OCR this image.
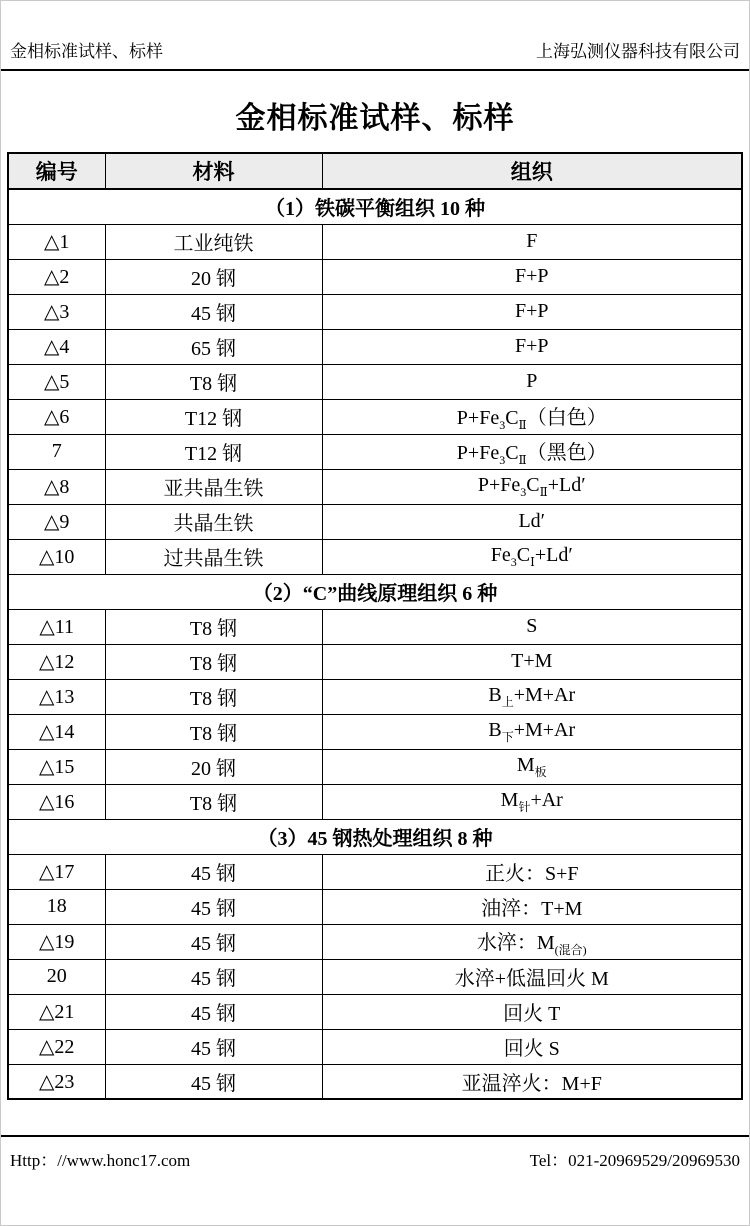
金相标准试样、标样	上海弘测仪器科技有限公司
金相标准试样、标样
编号	材料	组织
（1）铁碳平衡组织 10 种		
△1	工业纯铁	F
△2	20 钢	F+P
△3	45 钢	F+P
△4	65 钢	F+P
△5	T8 钢	P
△6	T12 钢	$P+Fe_3C_Ⅱ$（白色）
7	T12 钢	$P+Fe_3C_Ⅱ$（黑色）
△8	亚共晶生铁	$P+Fe_3C_Ⅱ+Ld'$
△9	共晶生铁	Ld′
△10	过共晶生铁	$Fe_3C_Ⅰ+Ld'$
（2）“C”曲线原理组织 6 种		
△11	T8 钢	S
△12	T8 钢	T+M
△13	T8 钢	$B_上+M+Ar$
△14	T8 钢	$B_下+M+Ar$
△15	20 钢	$M_板$
△16	T8 钢	$M_针+Ar$
（3）45 钢热处理组织 8 种		
△17	45 钢	正火：S+F
18	45 钢	油淬：T+M
△19	45 钢	水淬：$M_{(混合)}$
20	45 钢	水淬+低温回火 M
△21	45 钢	回火 T
△22	45 钢	回火 S
△23	45 钢	亚温淬火：M+F
Http：//www.honc17.com	Tel：021-20969529/20969530
